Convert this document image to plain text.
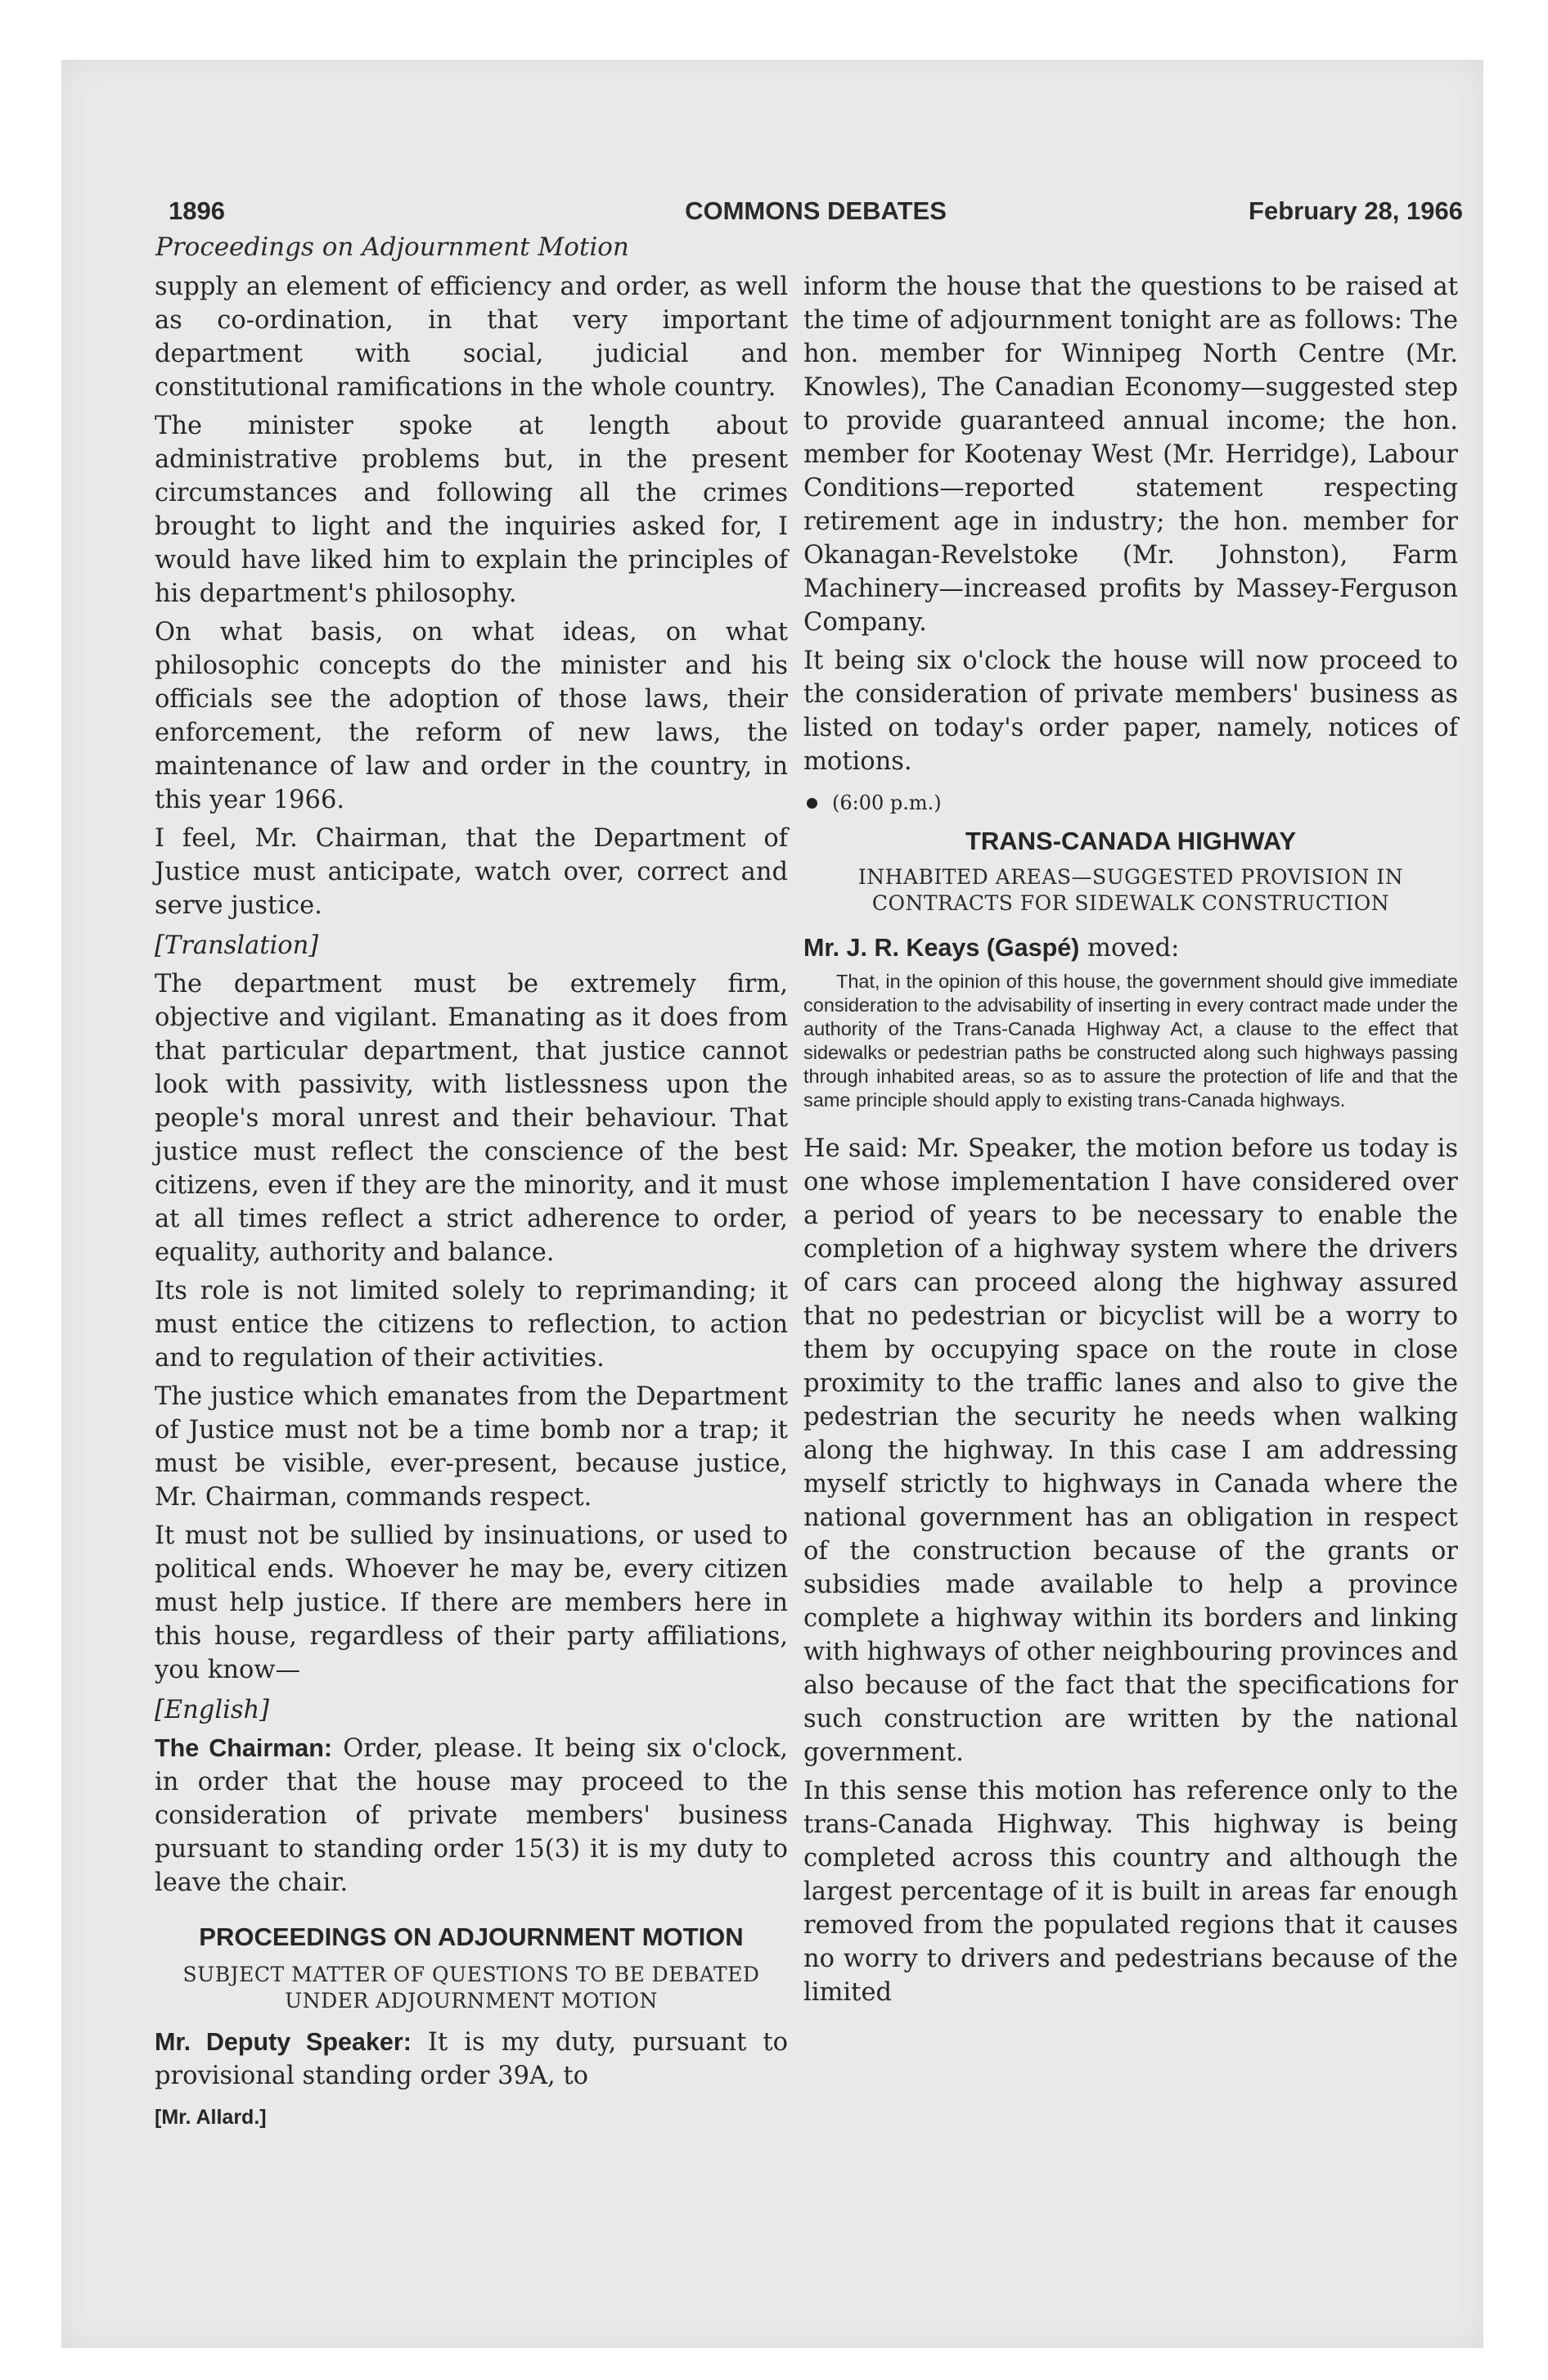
1896	COMMONS DEBATES	February 28, 1966
Proceedings on Adjournment Motion

supply an element of efficiency and order, as well as co-ordination, in that very important department with social, judicial and constitutional ramifications in the whole country.

The minister spoke at length about administrative problems but, in the present circumstances and following all the crimes brought to light and the inquiries asked for, I would have liked him to explain the principles of his department's philosophy.

On what basis, on what ideas, on what philosophic concepts do the minister and his officials see the adoption of those laws, their enforcement, the reform of new laws, the maintenance of law and order in the country, in this year 1966.

I feel, Mr. Chairman, that the Department of Justice must anticipate, watch over, correct and serve justice.

[Translation]

The department must be extremely firm, objective and vigilant. Emanating as it does from that particular department, that justice cannot look with passivity, with listlessness upon the people's moral unrest and their behaviour. That justice must reflect the conscience of the best citizens, even if they are the minority, and it must at all times reflect a strict adherence to order, equality, authority and balance.

Its role is not limited solely to reprimanding; it must entice the citizens to reflection, to action and to regulation of their activities.

The justice which emanates from the Department of Justice must not be a time bomb nor a trap; it must be visible, ever-present, because justice, Mr. Chairman, commands respect.

It must not be sullied by insinuations, or used to political ends. Whoever he may be, every citizen must help justice. If there are members here in this house, regardless of their party affiliations, you know—

[English]

The Chairman: Order, please. It being six o'clock, in order that the house may proceed to the consideration of private members' business pursuant to standing order 15(3) it is my duty to leave the chair.

PROCEEDINGS ON ADJOURNMENT MOTION
SUBJECT MATTER OF QUESTIONS TO BE DEBATED UNDER ADJOURNMENT MOTION

Mr. Deputy Speaker: It is my duty, pursuant to provisional standing order 39A, to

[Mr. Allard.]

inform the house that the questions to be raised at the time of adjournment tonight are as follows: The hon. member for Winnipeg North Centre (Mr. Knowles), The Canadian Economy—suggested step to provide guaranteed annual income; the hon. member for Kootenay West (Mr. Herridge), Labour Conditions—reported statement respecting retirement age in industry; the hon. member for Okanagan-Revelstoke (Mr. Johnston), Farm Machinery—increased profits by Massey-Ferguson Company.

It being six o'clock the house will now proceed to the consideration of private members' business as listed on today's order paper, namely, notices of motions.

(6:00 p.m.)
TRANS-CANADA HIGHWAY
INHABITED AREAS—SUGGESTED PROVISION IN CONTRACTS FOR SIDEWALK CONSTRUCTION

Mr. J. R. Keays (Gaspé) moved:

That, in the opinion of this house, the government should give immediate consideration to the advisability of inserting in every contract made under the authority of the Trans-Canada Highway Act, a clause to the effect that sidewalks or pedestrian paths be constructed along such highways passing through inhabited areas, so as to assure the protection of life and that the same principle should apply to existing trans-Canada highways.

He said: Mr. Speaker, the motion before us today is one whose implementation I have considered over a period of years to be necessary to enable the completion of a highway system where the drivers of cars can proceed along the highway assured that no pedestrian or bicyclist will be a worry to them by occupying space on the route in close proximity to the traffic lanes and also to give the pedestrian the security he needs when walking along the highway. In this case I am addressing myself strictly to highways in Canada where the national government has an obligation in respect of the construction because of the grants or subsidies made available to help a province complete a highway within its borders and linking with highways of other neighbouring provinces and also because of the fact that the specifications for such construction are written by the national government.

In this sense this motion has reference only to the trans-Canada Highway. This highway is being completed across this country and although the largest percentage of it is built in areas far enough removed from the populated regions that it causes no worry to drivers and pedestrians because of the limited
